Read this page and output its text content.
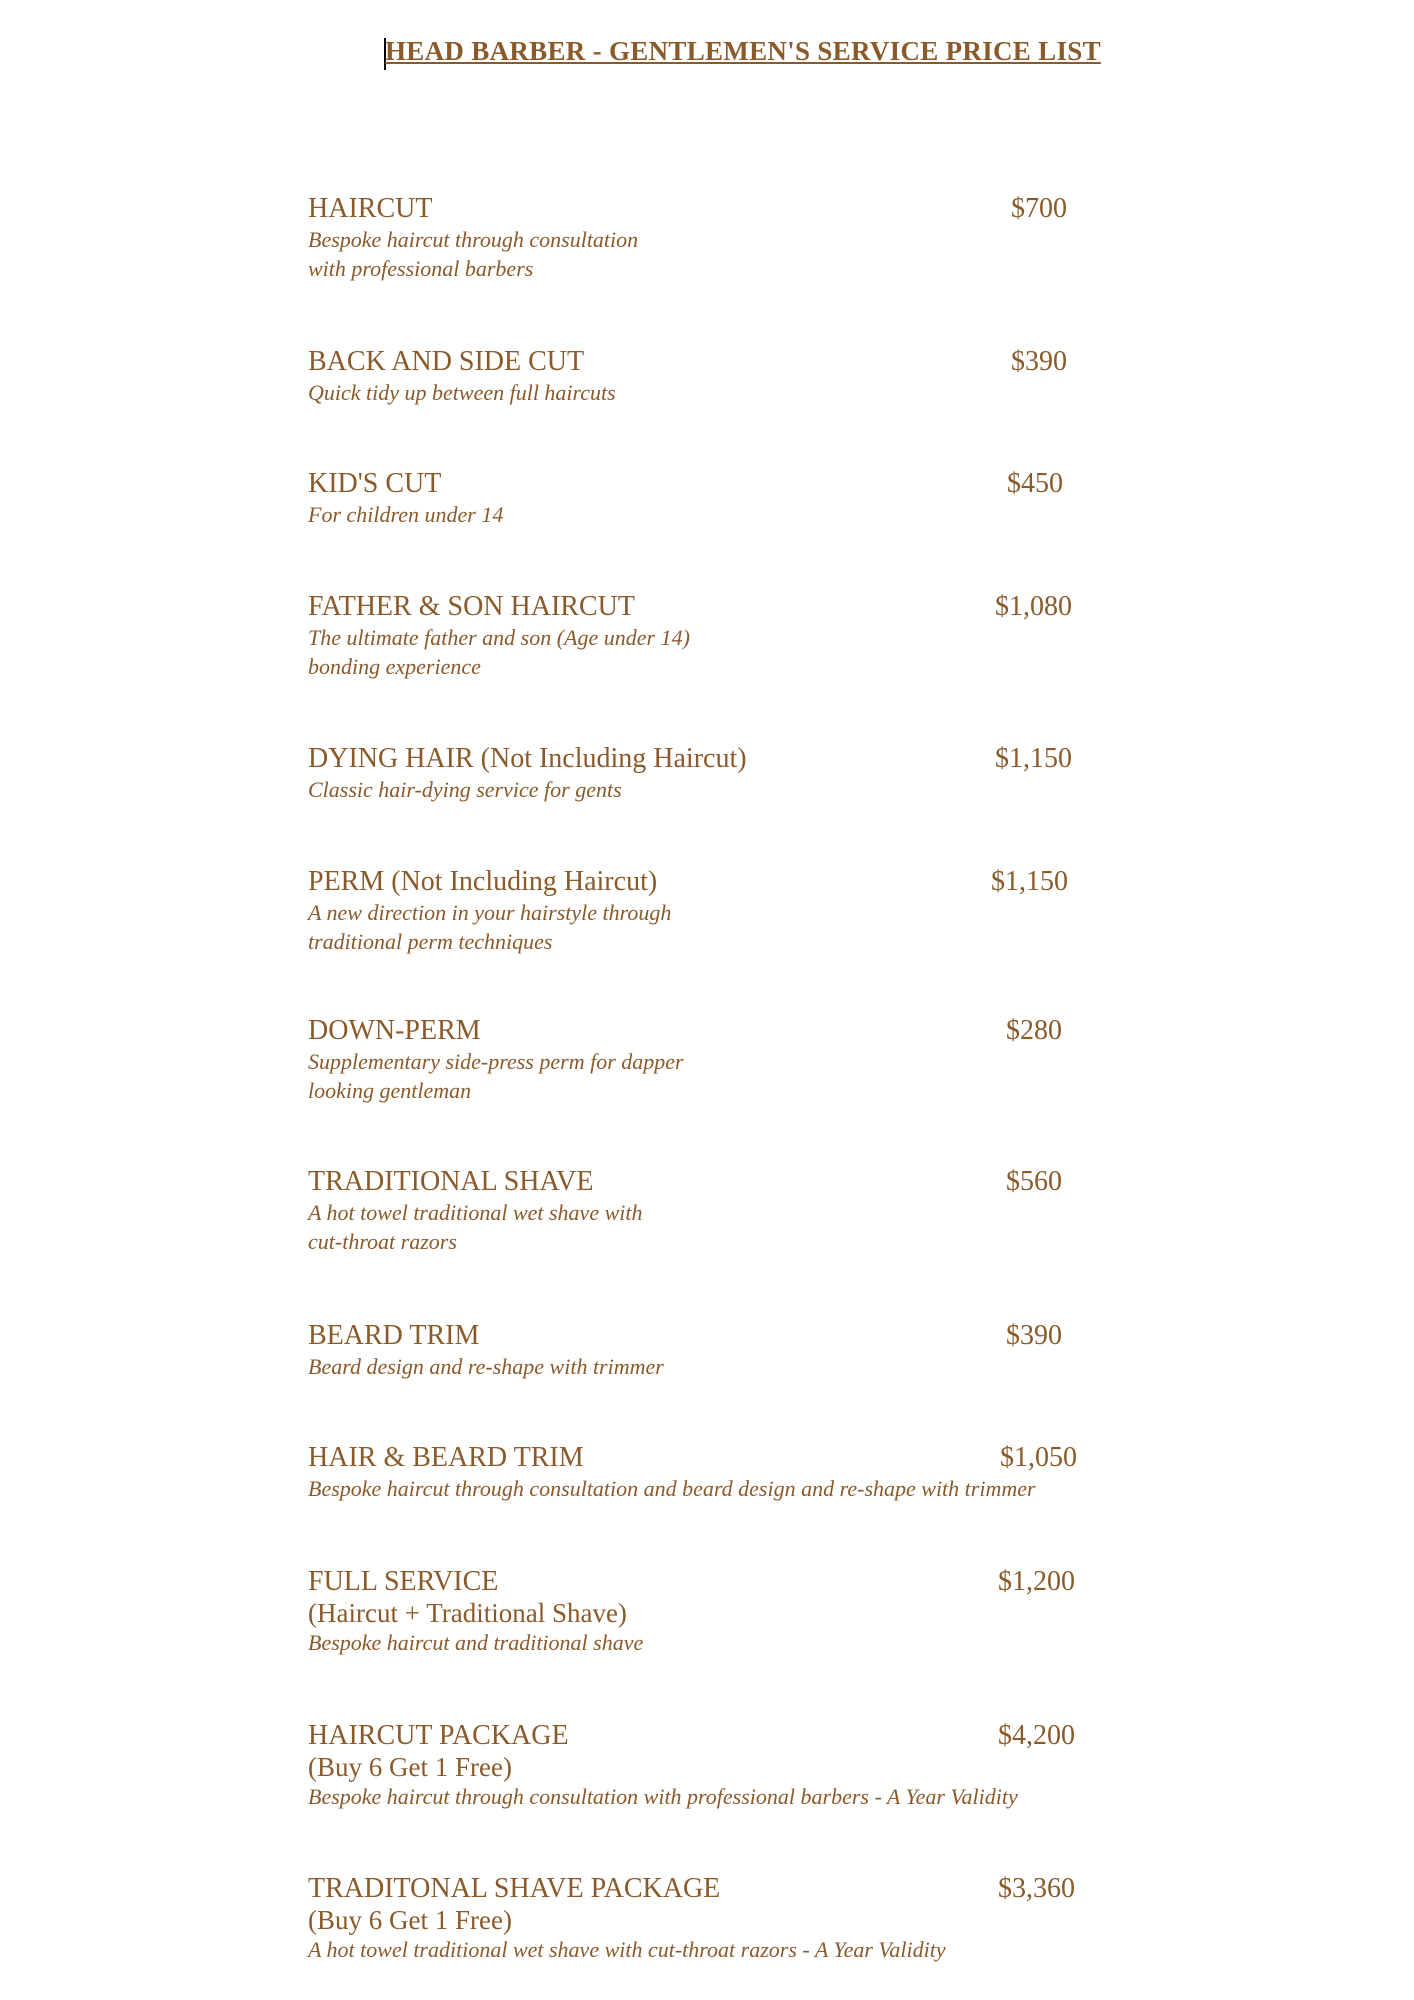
HEAD BARBER - GENTLEMEN'S SERVICE PRICE LIST
HAIRCUT
Bespoke haircut through consultation
with professional barbers
$700
BACK AND SIDE CUT
Quick tidy up between full haircuts
$390
KID'S CUT
For children under 14
$450
FATHER & SON HAIRCUT
The ultimate father and son (Age under 14)
bonding experience
$1,080
DYING HAIR (Not Including Haircut)
Classic hair-dying service for gents
$1,150
PERM (Not Including Haircut)
A new direction in your hairstyle through
traditional perm techniques
$1,150
DOWN-PERM
Supplementary side-press perm for dapper
looking gentleman
$280
TRADITIONAL SHAVE
A hot towel traditional wet shave with
cut-throat razors
$560
BEARD TRIM
Beard design and re-shape with trimmer
$390
HAIR & BEARD TRIM
Bespoke haircut through consultation and beard design and re-shape with trimmer
$1,050
FULL SERVICE
(Haircut + Traditional Shave)
Bespoke haircut and traditional shave
$1,200
HAIRCUT PACKAGE
(Buy 6 Get 1 Free)
Bespoke haircut through consultation with professional barbers - A Year Validity
$4,200
TRADITONAL SHAVE PACKAGE
(Buy 6 Get 1 Free)
A hot towel traditional wet shave with cut-throat razors - A Year Validity
$3,360
